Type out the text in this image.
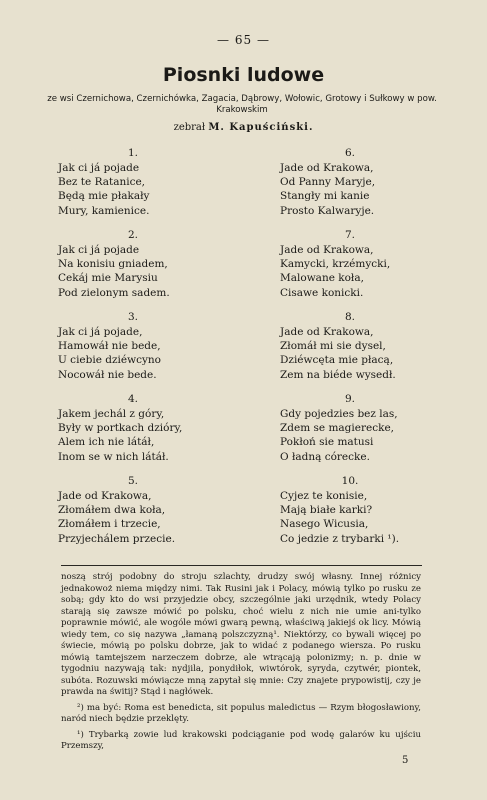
— 65 —
Piosnki ludowe
ze wsi Czernichowa, Czernichówka, Zagacia, Dąbrowy, Wołowic, Grotowy i Sułkowy w pow. Krakowskim
zebrał M. Kapuściński.
1.
Jak ci já pojade
Bez te Ratanice,
Będą mie płakały
Mury, kamienice.
2.
Jak ci já pojade
Na konisiu gniadem,
Cekáj mie Marysiu
Pod zielonym sadem.
3.
Jak ci já pojade,
Hamowáł nie bede,
U ciebie dziéwcyno
Nocowáł nie bede.
4.
Jakem jechál z góry,
Były w portkach dzióry,
Alem ich nie látáł,
Inom se w nich látáł.
5.
Jade od Krakowa,
Złomáłem dwa koła,
Złomáłem i trzecie,
Przyjechálem przecie.
6.
Jade od Krakowa,
Od Panny Maryje,
Stangły mi kanie
Prosto Kalwaryje.
7.
Jade od Krakowa,
Kamycki, krzémycki,
Malowane koła,
Cisawe konicki.
8.
Jade od Krakowa,
Złomáł mi sie dysel,
Dziéwcęta mie płacą,
Zem na biéde wysedł.
9.
Gdy pojedzies bez las,
Zdem se magierecke,
Pokłoń sie matusi
O ładną córecke.
10.
Cyjez te konisie,
Mają białe karki?
Nasego Wicusia,
Co jedzie z trybarki ¹).

noszą strój podobny do stroju szlachty, drudzy swój własny. Innej różnicy jednakowoż niema między nimi. Tak Rusini jak i Polacy, mówią tylko po rusku ze sobą; gdy kto do wsi przyjedzie obcy, szczególnie jaki urzędnik, wtedy Polacy starają się zawsze mówić po polsku, choć wielu z nich nie umie ani-tylko poprawnie mówić, ale wogóle mówi gwarą pewną, właściwą jakiejś ok licy. Mówią wiedy tem, co się nazywa „łamaną polszczyzną¹. Niektórzy, co bywali więcej po świecie, mówią po polsku dobrze, jak to widać z podanego wiersza. Po rusku mówią tamtejszem narzeczem dobrze, ale wtrącają polonizmy; n. p. dnie w tygodniu nazywają tak: nydjila, ponydiłok, wiwtórok, syryda, czytwér, piontek, subóta. Rozuwski mówiącze mną zapytał się mnie: Czy znajete prypowistij, czy je prawda na świtij? Stąd i nagłówek.

²) ma być: Roma est benedicta, sit populus maledictus — Rzym błogosławiony, naród niech będzie przeklęty.

¹) Trybarką zowie lud krakowski podciąganie pod wodę galarów ku ujściu Przemszy,

5
